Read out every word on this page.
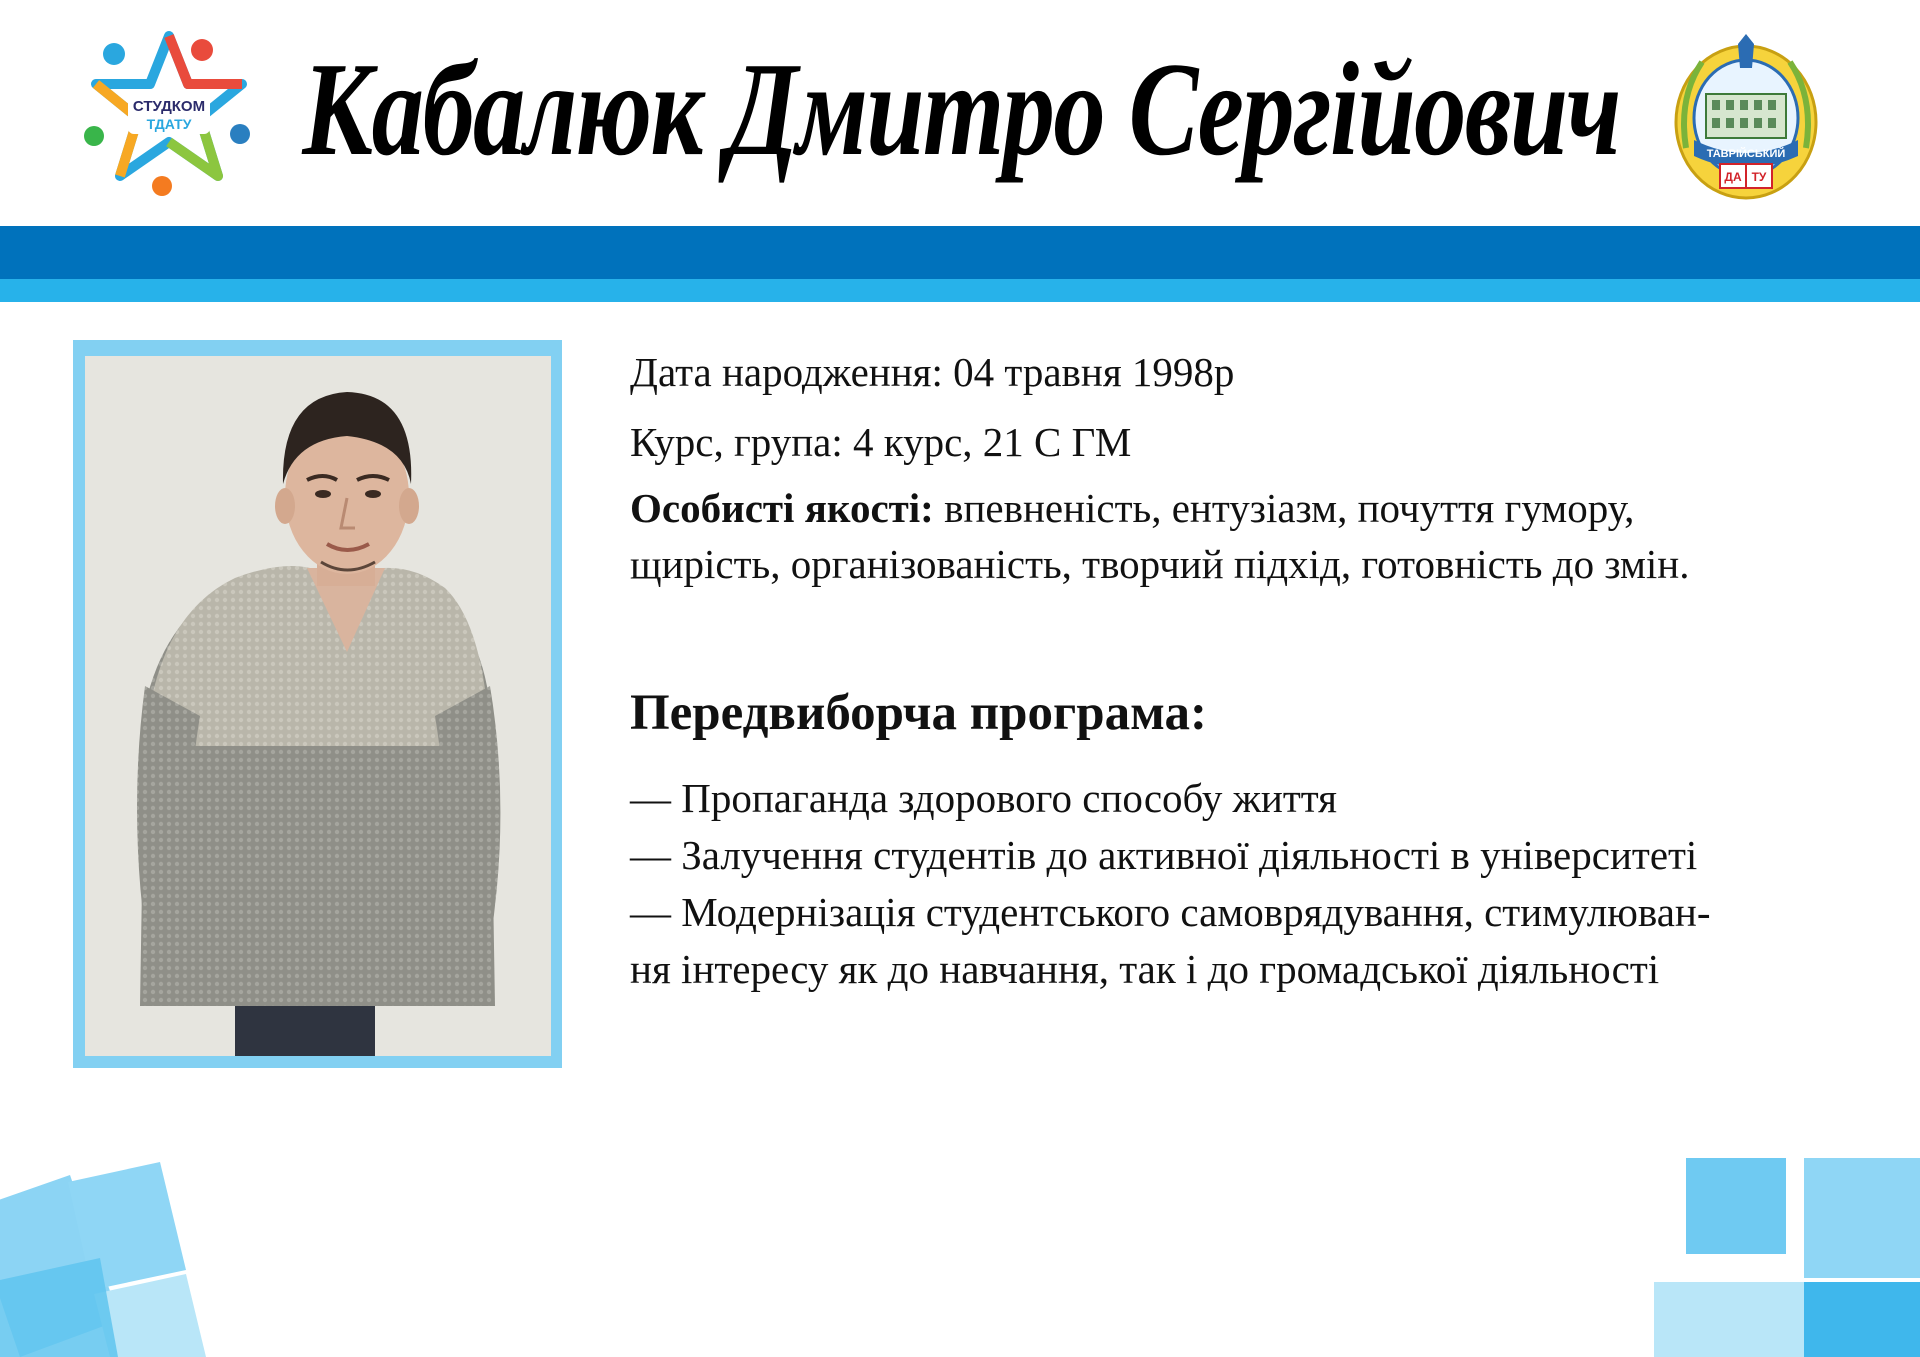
СТУДКОМ
ТДАТУ Кабалюк Дмитро Сергійович	ТАВРІЙСЬКИЙ
ДА ТУ
Дата народження: 04 травня 1998р
Курс, група: 4 курс, 21 С ГМ
Особисті якості: впевненість, ентузіазм, почуття гумору,
щирість, організованість, творчий підхід, готовність до змін.
Передвиборча програма:
— Пропаганда здорового способу життя
— Залучення студентів до активної діяльності в університеті
— Модернізація студентського самоврядування, стимулюван-
ня інтересу як до навчання, так і до громадської діяльності
